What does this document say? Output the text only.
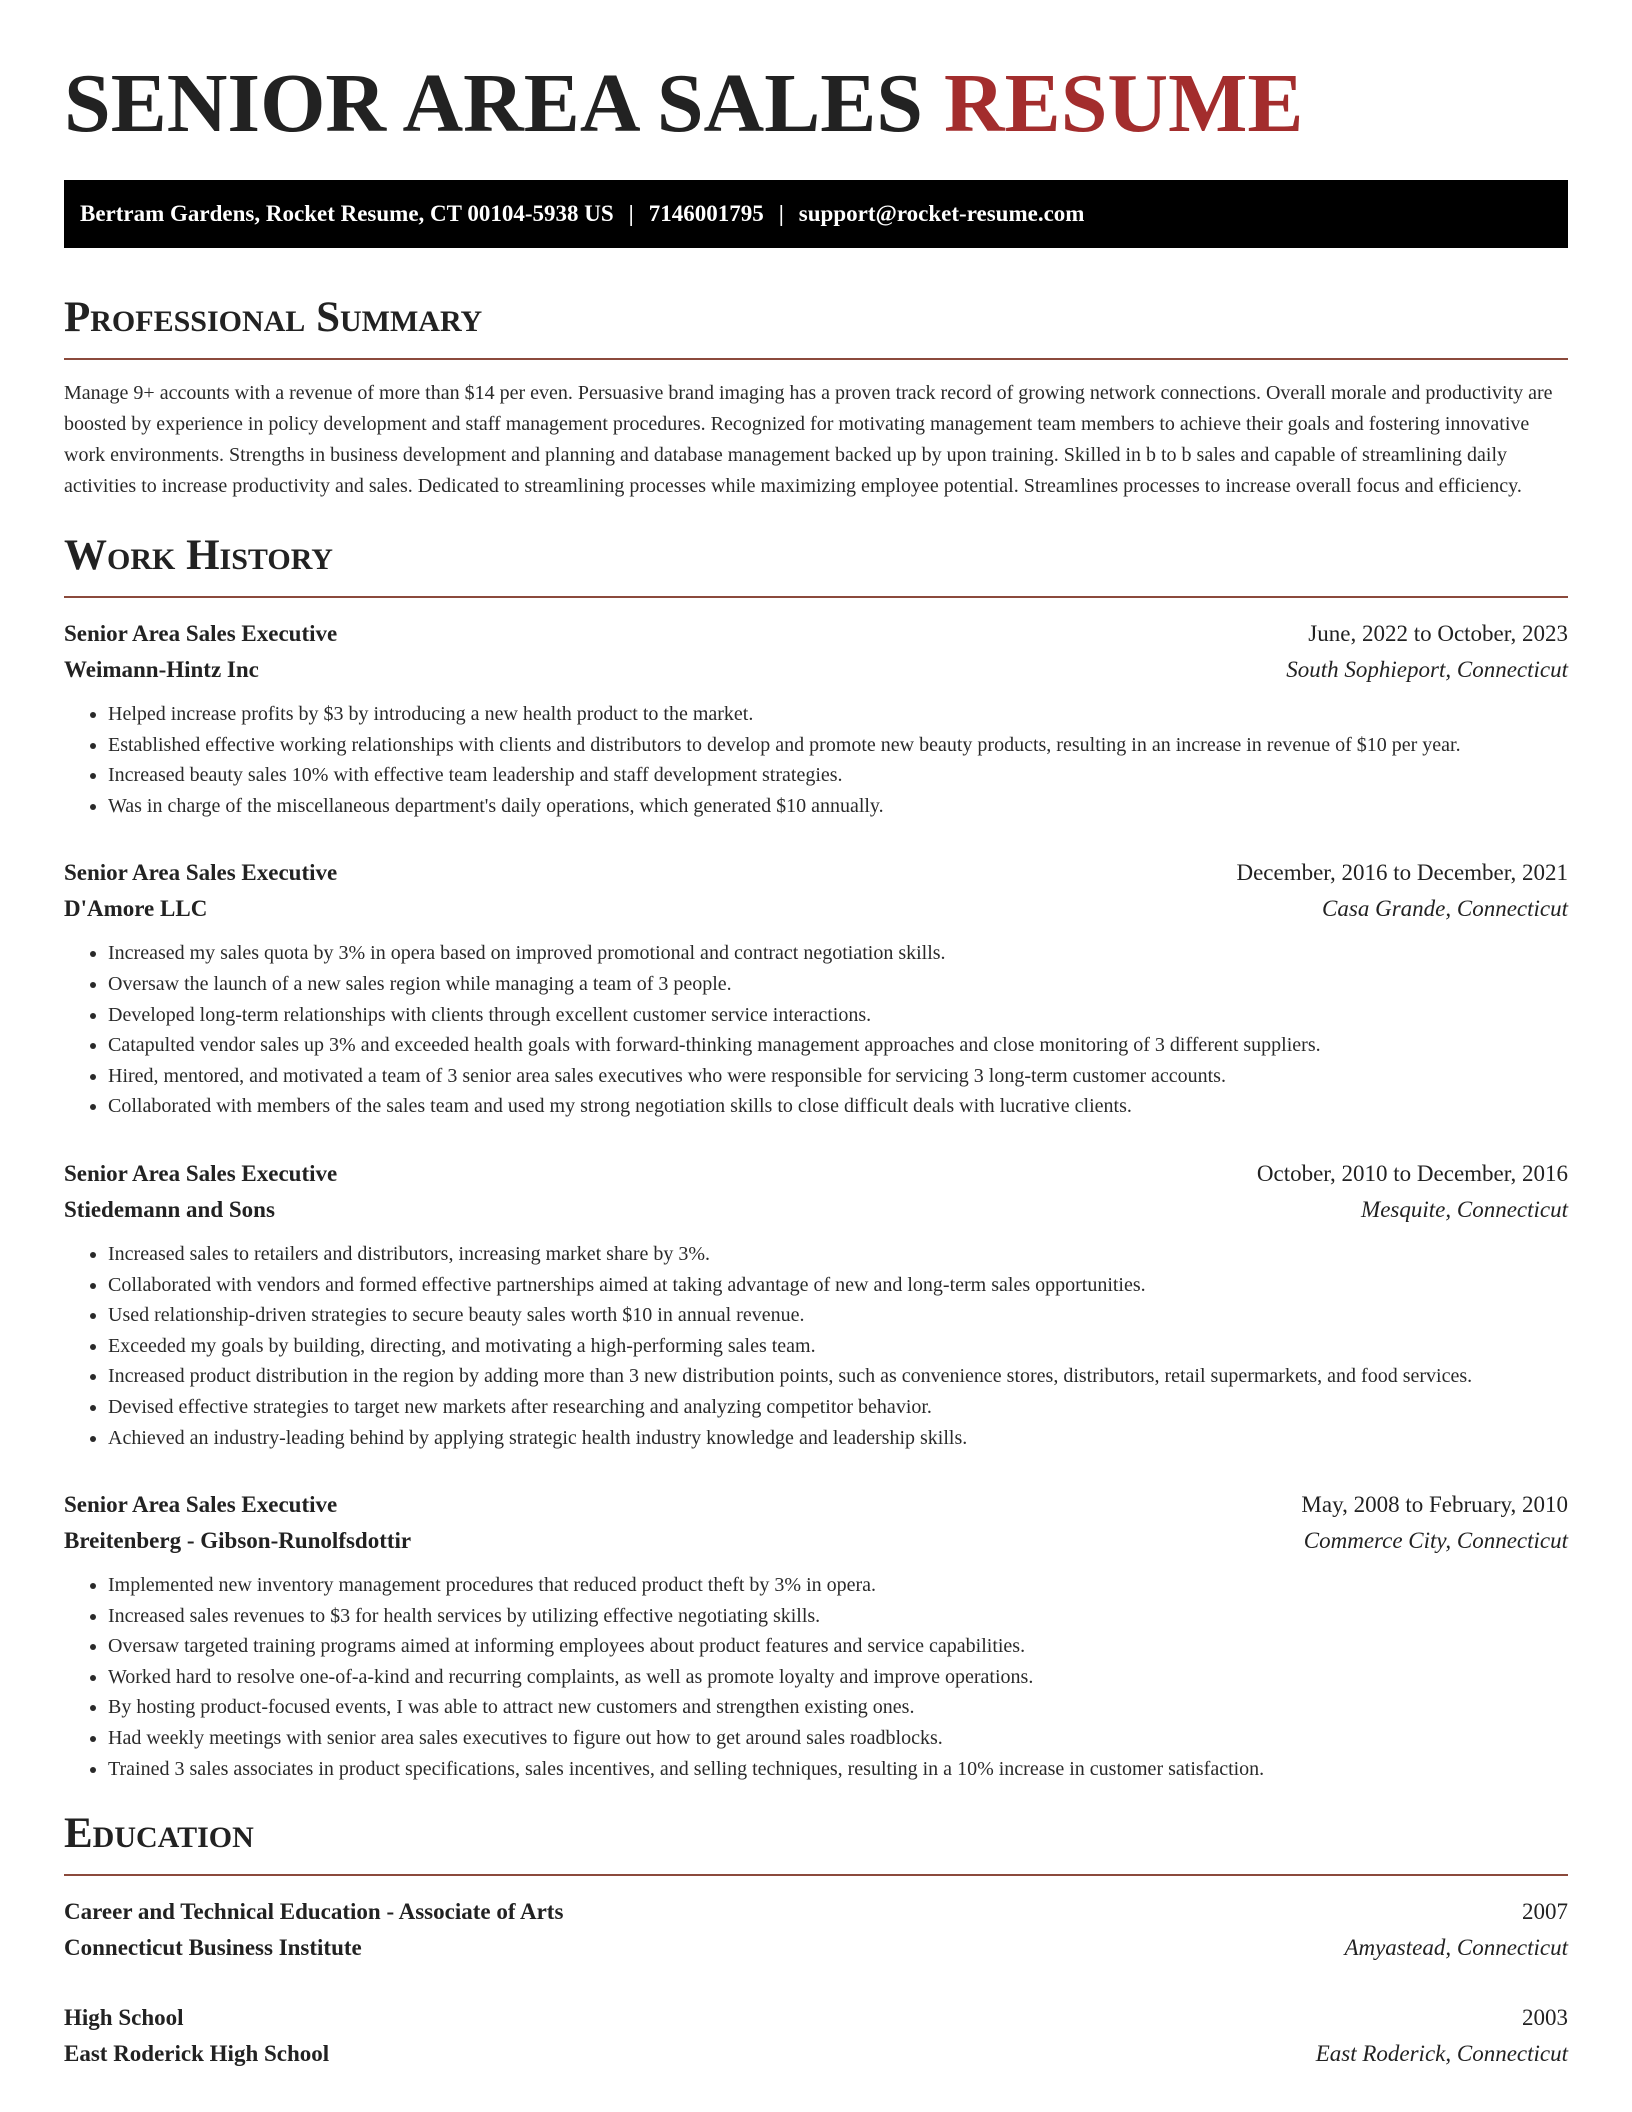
SENIOR AREA SALES RESUME
Bertram Gardens, Rocket Resume, CT 00104-5938 US | 7146001795 | support@rocket-resume.com
Professional Summary

Manage 9+ accounts with a revenue of more than $14 per even. Persuasive brand imaging has a proven track record of growing network connections. Overall morale and productivity are boosted by experience in policy development and staff management procedures. Recognized for motivating management team members to achieve their goals and fostering innovative work environments. Strengths in business development and planning and database management backed up by upon training. Skilled in b to b sales and capable of streamlining daily activities to increase productivity and sales. Dedicated to streamlining processes while maximizing employee potential. Streamlines processes to increase overall focus and efficiency.

Work History
Senior Area Sales Executive	June, 2022 to October, 2023
Weimann-Hintz Inc	South Sophieport, Connecticut
• Helped increase profits by $3 by introducing a new health product to the market.
• Established effective working relationships with clients and distributors to develop and promote new beauty products, resulting in an increase in revenue of $10 per year.
• Increased beauty sales 10% with effective team leadership and staff development strategies.
• Was in charge of the miscellaneous department's daily operations, which generated $10 annually.
Senior Area Sales Executive	December, 2016 to December, 2021
D'Amore LLC	Casa Grande, Connecticut
• Increased my sales quota by 3% in opera based on improved promotional and contract negotiation skills.
• Oversaw the launch of a new sales region while managing a team of 3 people.
• Developed long-term relationships with clients through excellent customer service interactions.
• Catapulted vendor sales up 3% and exceeded health goals with forward-thinking management approaches and close monitoring of 3 different suppliers.
• Hired, mentored, and motivated a team of 3 senior area sales executives who were responsible for servicing 3 long-term customer accounts.
• Collaborated with members of the sales team and used my strong negotiation skills to close difficult deals with lucrative clients.
Senior Area Sales Executive	October, 2010 to December, 2016
Stiedemann and Sons	Mesquite, Connecticut
• Increased sales to retailers and distributors, increasing market share by 3%.
• Collaborated with vendors and formed effective partnerships aimed at taking advantage of new and long-term sales opportunities.
• Used relationship-driven strategies to secure beauty sales worth $10 in annual revenue.
• Exceeded my goals by building, directing, and motivating a high-performing sales team.
• Increased product distribution in the region by adding more than 3 new distribution points, such as convenience stores, distributors, retail supermarkets, and food services.
• Devised effective strategies to target new markets after researching and analyzing competitor behavior.
• Achieved an industry-leading behind by applying strategic health industry knowledge and leadership skills.
Senior Area Sales Executive	May, 2008 to February, 2010
Breitenberg - Gibson-Runolfsdottir	Commerce City, Connecticut
• Implemented new inventory management procedures that reduced product theft by 3% in opera.
• Increased sales revenues to $3 for health services by utilizing effective negotiating skills.
• Oversaw targeted training programs aimed at informing employees about product features and service capabilities.
• Worked hard to resolve one-of-a-kind and recurring complaints, as well as promote loyalty and improve operations.
• By hosting product-focused events, I was able to attract new customers and strengthen existing ones.
• Had weekly meetings with senior area sales executives to figure out how to get around sales roadblocks.
• Trained 3 sales associates in product specifications, sales incentives, and selling techniques, resulting in a 10% increase in customer satisfaction.
Education
Career and Technical Education - Associate of Arts	2007
Connecticut Business Institute	Amyastead, Connecticut
High School	2003
East Roderick High School	East Roderick, Connecticut
